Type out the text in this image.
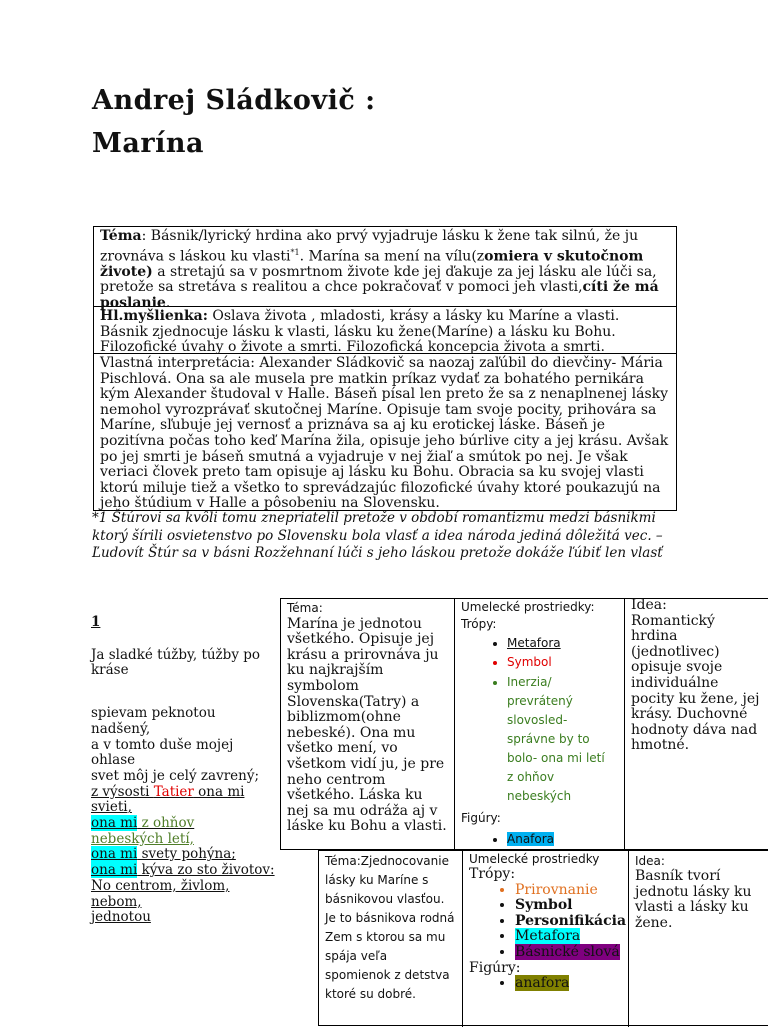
Andrej Sládkovič :
Marína
Téma: Básnik/lyrický hrdina ako prvý vyjadruje lásku k žene tak silnú, že ju zrovnáva s láskou ku vlasti$^{*1}$. Marína sa mení na vílu(zomiera v skutočnom živote) a stretajú sa v posmrtnom živote kde jej ďakuje za jej lásku ale lúči sa, pretože sa stretáva s realitou a chce pokračovať v pomoci jeh vlasti,cíti že má poslanie.
Hl.myšlienka: Oslava života , mladosti, krásy a lásky ku Maríne a vlasti. Básnik zjednocuje lásku k vlasti, lásku ku žene(Maríne) a lásku ku Bohu. Filozofické úvahy o živote a smrti. Filozofická koncepcia života a smrti.
Vlastná interpretácia: Alexander Sládkovič sa naozaj zaľúbil do dievčiny- Mária Pischlová. Ona sa ale musela pre matkin príkaz vydať za bohatého pernikára kým Alexander študoval v Halle. Báseň písal len preto že sa z nenaplnenej lásky nemohol vyrozprávať skutočnej Maríne. Opisuje tam svoje pocity, prihovára sa Maríne, sľubuje jej vernosť a priznáva sa aj ku erotickej láske. Báseň je pozitívna počas toho keď Marína žila, opisuje jeho búrlive city a jej krásu. Avšak po jej smrti je báseň smutná a vyjadruje v nej žiaľ a smútok po nej. Je však veriaci človek preto tam opisuje aj lásku ku Bohu. Obracia sa ku svojej vlasti ktorú miluje tiež a všetko to sprevádzajúc filozofické úvahy ktoré poukazujú na jeho štúdium v Halle a pôsobeniu na Slovensku.
*1 Štúrovi sa kvôli tomu znepriatelil pretože v období romantizmu medzi básnikmi ktorý šírili osvietenstvo po Slovensku bola vlasť a idea národa jediná dôležitá vec. – Ľudovít Štúr sa v básni Rozžehnaní lúči s jeho láskou pretože dokáže ľúbiť len vlasť
1
Ja sladké túžby, túžby po
kráse
spievam peknotou
nadšený,
a v tomto duše mojej
ohlase
svet môj je celý zavrený;
z výsosti Tatier ona mi
svieti,
ona mi z ohňov
nebeských letí,
ona mi svety pohýna;
ona mi kýva zo sto životov:
No centrom, živlom, nebom,
jednotou
Téma:
Marína je jednotou všetkého. Opisuje jej krásu a prirovnáva ju ku najkrajším symbolom Slovenska(Tatry) a biblizmom(ohne nebeské). Ona mu všetko mení, vo všetkom vidí ju, je pre neho centrom všetkého. Láska ku nej sa mu odráža aj v láske ku Bohu a vlasti.
Umelecké prostriedky:
Trópy:
• Metafora
• Symbol
• Inerzia/ prevrátený slovosled- správne by to bolo- ona mi letí z ohňov nebeských
Figúry:
• Anafora
Idea:
Romantický hrdina (jednotlivec) opisuje svoje individuálne pocity ku žene, jej krásy. Duchovné hodnoty dáva nad hmotné.
Téma:Zjednocovanie lásky ku Maríne s básnikovou vlasťou. Je to básnikova rodná Zem s ktorou sa mu spája veľa spomienok z detstva ktoré su dobré.
Umelecké prostriedky
Trópy:
• Prirovnanie
• Symbol
• Personifikácia
• Metafora
• Básnické slová
Figúry:
• anafora
Idea:
Basník tvorí jednotu lásky ku vlasti a lásky ku žene.
